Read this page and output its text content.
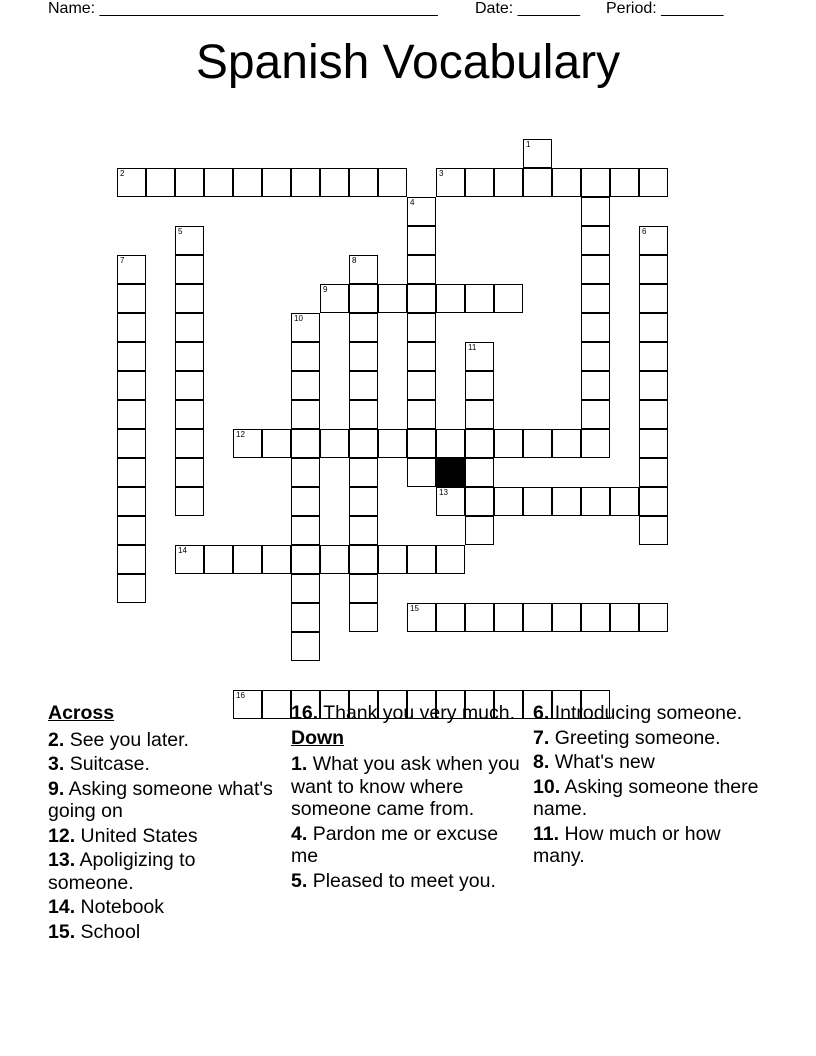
Name: ______________________________________

Date: _______

Period: _______

Spanish Vocabulary
1
2	3
4
5	6
7	8
9
10
11
12
13
14
15
16
Across
2. See you later.
3. Suitcase.
9. Asking someone what's going on
12. United States
13. Apoligizing to someone.
14. Notebook
15. School
16. Thank you very much.
Down
1. What you ask when you want to know where someone came from.
4. Pardon me or excuse me
5. Pleased to meet you.
6. Introducing someone.
7. Greeting someone.
8. What's new
10. Asking someone there name.
11. How much or how many.
